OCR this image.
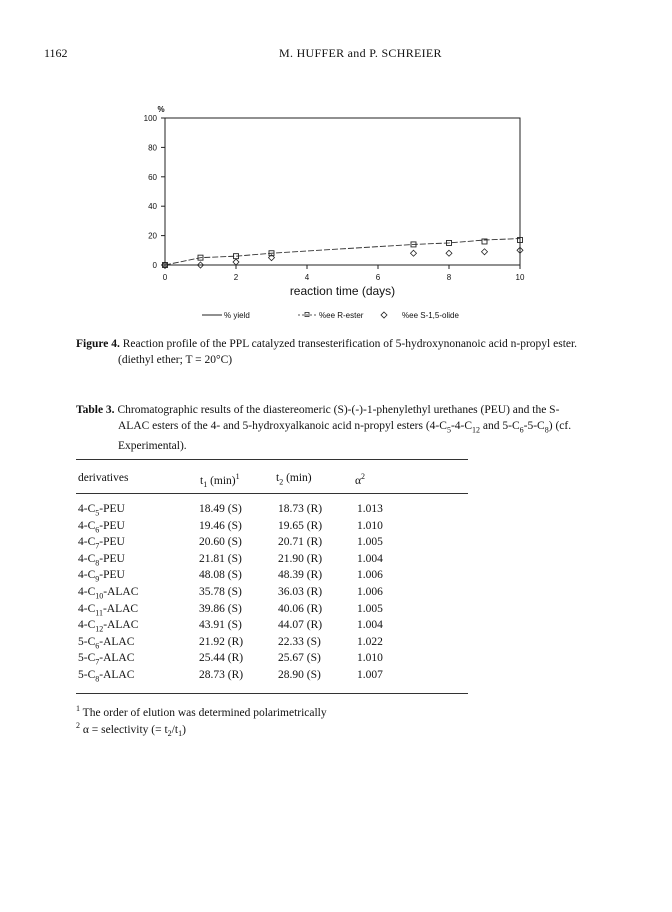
1162	M. HUFFER and P. SCHREIER
0
20
40
60
80
100
0	2	4	6	8	10
%
reaction time (days)
% yield	%ee R-ester	%ee S-1,5-olide
Figure 4. Reaction profile of the PPL catalyzed transesterification of 5-hydroxynonanoic acid n-propyl ester.
(diethyl ether; T = 20°C)
Table 3. Chromatographic results of the diastereomeric (S)-(-)-1-phenylethyl urethanes (PEU) and the S-
ALAC esters of the 4- and 5-hydroxyalkanoic acid n-propyl esters ($4-C_5-4-C_{12}$ and $5-C_6-5-C_8$) (cf.
Experimental).
derivatives	$t_1$ $(\min)^1$	$t_2$ (min)	$\alpha^2$
$4-C_5$-PEU	18.49 (S)	18.73 (R)	1.013
$4-C_6$-PEU	19.46 (S)	19.65 (R)	1.010
$4-C_7$-PEU	20.60 (S)	20.71 (R)	1.005
$4-C_8$-PEU	21.81 (S)	21.90 (R)	1.004
$4-C_9$-PEU	48.08 (S)	48.39 (R)	1.006
$4-C_{10}$-ALAC	35.78 (S)	36.03 (R)	1.006
$4-C_{11}$-ALAC	39.86 (S)	40.06 (R)	1.005
$4-C_{12}$-ALAC	43.91 (S)	44.07 (R)	1.004
$5-C_6$-ALAC	21.92 (R)	22.33 (S)	1.022
$5-C_7$-ALAC	25.44 (R)	25.67 (S)	1.010
$5-C_8$-ALAC	28.73 (R)	28.90 (S)	1.007
$^1$ The order of elution was determined polarimetrically
$^2$ α = selectivity (= $t_2/t_1$)
